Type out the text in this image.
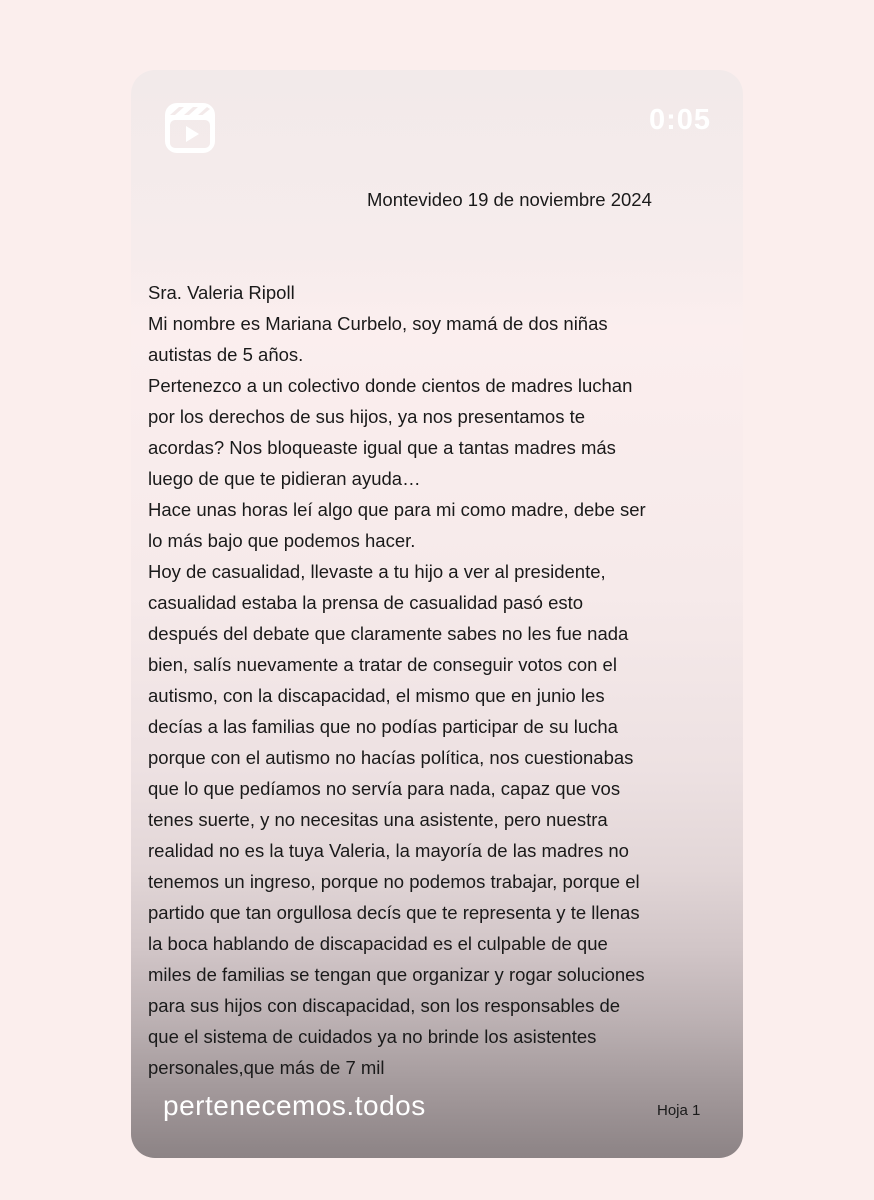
0:05
Montevideo 19 de noviembre 2024
Sra. Valeria Ripoll
Mi nombre es Mariana Curbelo, soy mamá de dos niñas
autistas de 5 años.
Pertenezco a un colectivo donde cientos de madres luchan
por los derechos de sus hijos, ya nos presentamos te
acordas? Nos bloqueaste igual que a tantas madres más
luego de que te pidieran ayuda…
Hace unas horas leí algo que para mi como madre, debe ser
lo más bajo que podemos hacer.
Hoy de casualidad, llevaste a tu hijo a ver al presidente,
casualidad estaba la prensa de casualidad pasó esto
después del debate que claramente sabes no les fue nada
bien, salís nuevamente a tratar de conseguir votos con el
autismo, con la discapacidad, el mismo que en junio les
decías a las familias que no podías participar de su lucha
porque con el autismo no hacías política, nos cuestionabas
que lo que pedíamos no servía para nada, capaz que vos
tenes suerte, y no necesitas una asistente, pero nuestra
realidad no es la tuya Valeria, la mayoría de las madres no
tenemos un ingreso, porque no podemos trabajar, porque el
partido que tan orgullosa decís que te representa y te llenas
la boca hablando de discapacidad es el culpable de que
miles de familias se tengan que organizar y rogar soluciones
para sus hijos con discapacidad, son los responsables de
que el sistema de cuidados ya no brinde los asistentes
personales,que más de 7 mil
pertenecemos.todos	Hoja 1
